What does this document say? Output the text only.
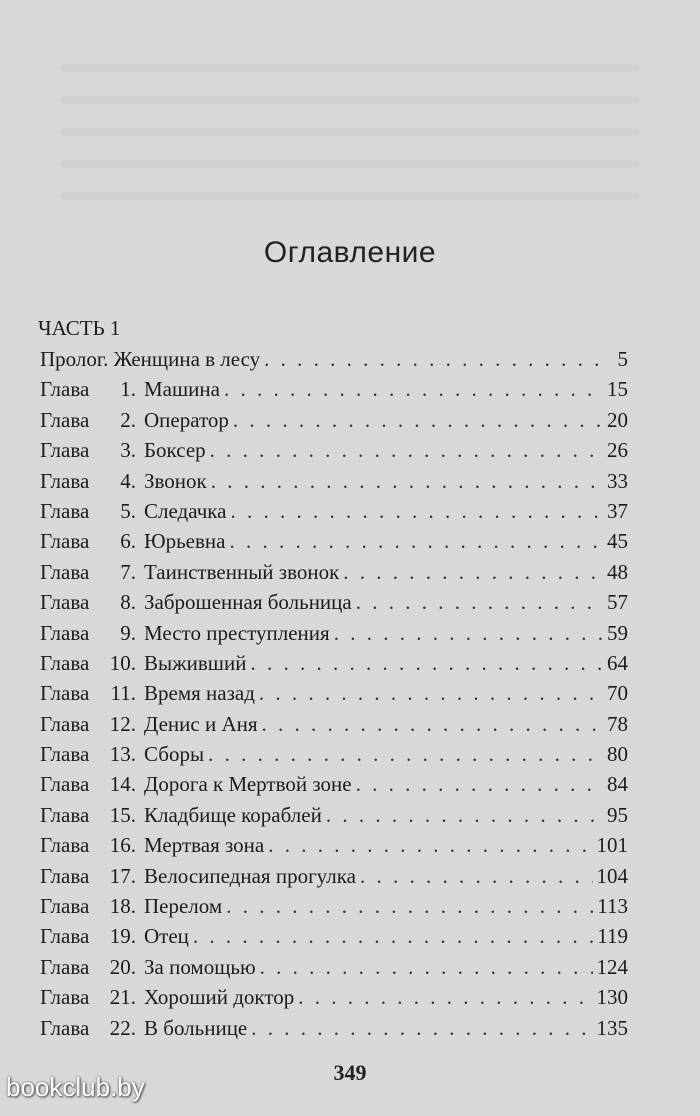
Оглавление
ЧАСТЬ 1
Пролог. Женщина в лесу . . .	5
Глава 1. Машина . . .	15
Глава 2. Оператор . . .	20
Глава 3. Боксер . . .	26
Глава 4. Звонок . . .	33
Глава 5. Следачка . . .	37
Глава 6. Юрьевна . . .	45
Глава 7. Таинственный звонок . . .	48
Глава 8. Заброшенная больница . . .	57
Глава 9. Место преступления . . .	59
Глава 10. Выживший . . .	64
Глава 11. Время назад . . .	70
Глава 12. Денис и Аня . . .	78
Глава 13. Сборы . . .	80
Глава 14. Дорога к Мертвой зоне . . .	84
Глава 15. Кладбище кораблей . . .	95
Глава 16. Мертвая зона . . .	101
Глава 17. Велосипедная прогулка . . .	104
Глава 18. Перелом . . .	113
Глава 19. Отец . . .	119
Глава 20. За помощью . . .	124
Глава 21. Хороший доктор . . .	130
Глава 22. В больнице . . .	135
349
bookclub.by
